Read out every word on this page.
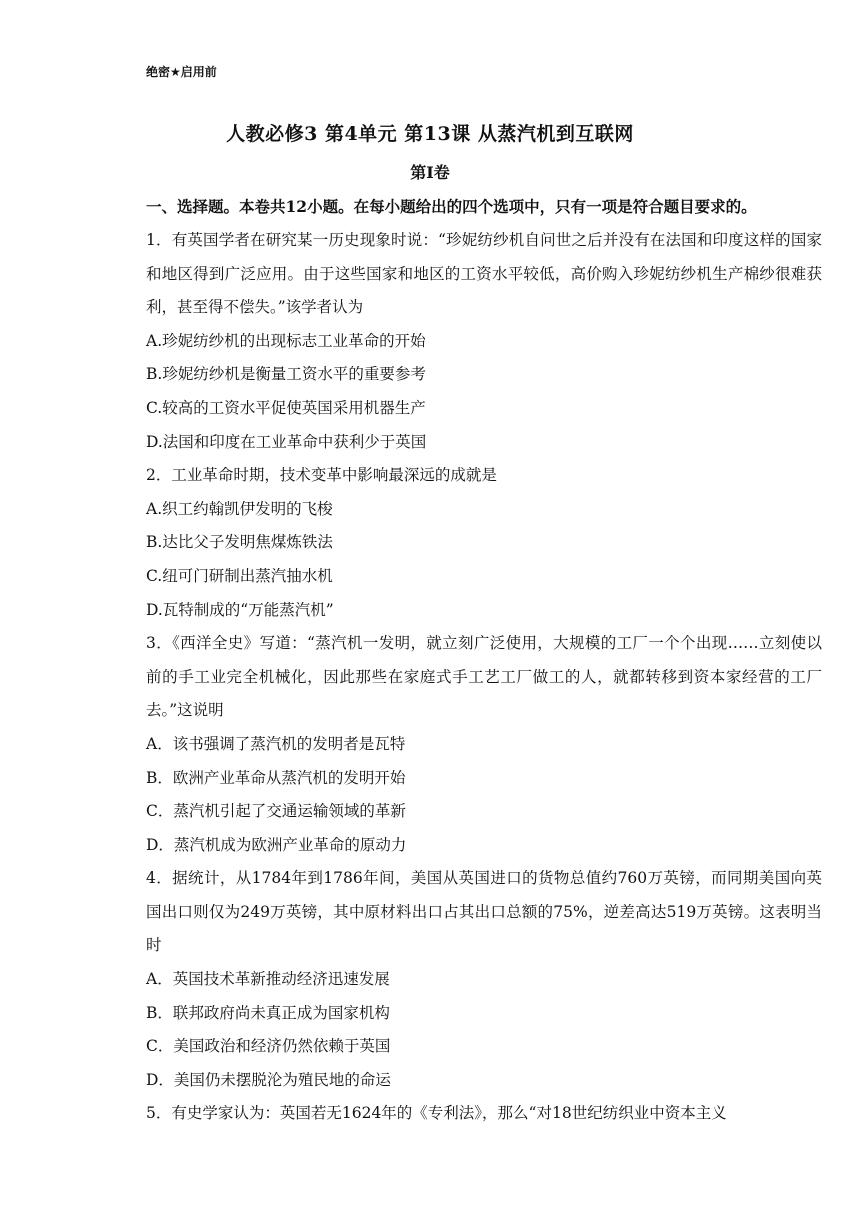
绝密★启用前
人教必修3 第4单元 第13课 从蒸汽机到互联网
第Ⅰ卷
一、选择题。本卷共12小题。在每小题给出的四个选项中，只有一项是符合题目要求的。

1．有英国学者在研究某一历史现象时说：“珍妮纺纱机自问世之后并没有在法国和印度这样的国家和地区得到广泛应用。由于这些国家和地区的工资水平较低，高价购入珍妮纺纱机生产棉纱很难获利，甚至得不偿失。”该学者认为

A.珍妮纺纱机的出现标志工业革命的开始

B.珍妮纺纱机是衡量工资水平的重要参考

C.较高的工资水平促使英国采用机器生产

D.法国和印度在工业革命中获利少于英国

2．工业革命时期，技术变革中影响最深远的成就是

A.织工约翰凯伊发明的飞梭

B.达比父子发明焦煤炼铁法

C.纽可门研制出蒸汽抽水机

D.瓦特制成的“万能蒸汽机”

3．《西洋全史》写道：“蒸汽机一发明，就立刻广泛使用，大规模的工厂一个个出现……立刻使以前的手工业完全机械化，因此那些在家庭式手工艺工厂做工的人，就都转移到资本家经营的工厂去。”这说明

A．该书强调了蒸汽机的发明者是瓦特

B．欧洲产业革命从蒸汽机的发明开始

C．蒸汽机引起了交通运输领域的革新

D．蒸汽机成为欧洲产业革命的原动力

4．据统计，从1784年到1786年间，美国从英国进口的货物总值约760万英镑，而同期美国向英国出口则仅为249万英镑，其中原材料出口占其出口总额的75%，逆差高达519万英镑。这表明当时

A．英国技术革新推动经济迅速发展

B．联邦政府尚未真正成为国家机构

C．美国政治和经济仍然依赖于英国

D．美国仍未摆脱沦为殖民地的命运

5．有史学家认为：英国若无1624年的《专利法》，那么“对18世纪纺织业中资本主义
